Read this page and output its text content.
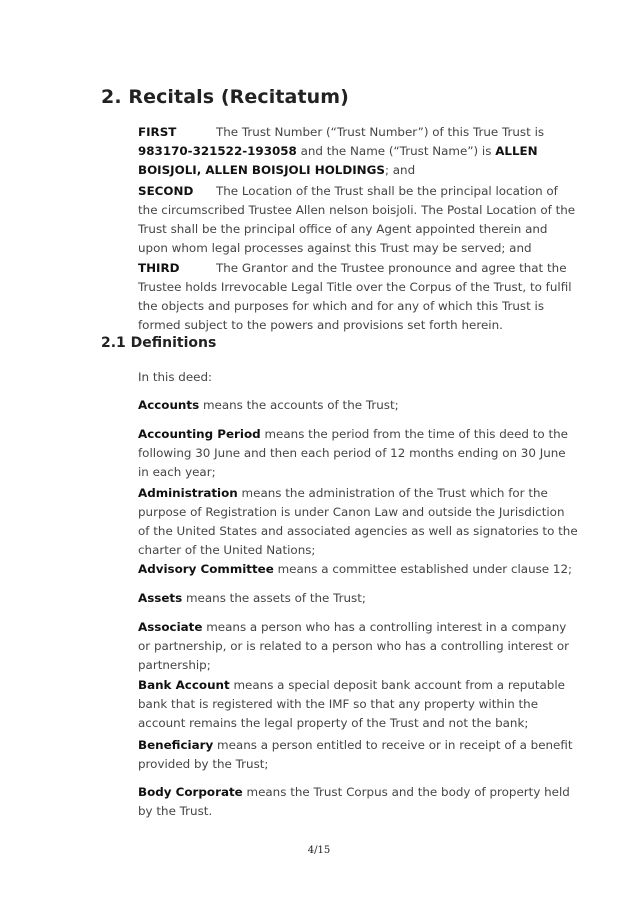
2. Recitals (Recitatum)
FIRST	The Trust Number (“Trust Number”) of this True Trust is 983170-321522-193058 and the Name (“Trust Name”) is ALLEN BOISJOLI, ALLEN BOISJOLI HOLDINGS; and
SECOND The Location of the Trust shall be the principal location of the circumscribed Trustee Allen nelson boisjoli. The Postal Location of the Trust shall be the principal office of any Agent appointed therein and upon whom legal processes against this Trust may be served; and
THIRD	The Grantor and the Trustee pronounce and agree that the Trustee holds Irrevocable Legal Title over the Corpus of the Trust, to fulfil the objects and purposes for which and for any of which this Trust is formed subject to the powers and provisions set forth herein.
2.1 Definitions
In this deed:
Accounts means the accounts of the Trust;
Accounting Period means the period from the time of this deed to the following 30 June and then each period of 12 months ending on 30 June in each year;
Administration means the administration of the Trust which for the purpose of Registration is under Canon Law and outside the Jurisdiction of the United States and associated agencies as well as signatories to the charter of the United Nations;
Advisory Committee means a committee established under clause 12;
Assets means the assets of the Trust;
Associate means a person who has a controlling interest in a company or partnership, or is related to a person who has a controlling interest or partnership;
Bank Account means a special deposit bank account from a reputable bank that is registered with the IMF so that any property within the account remains the legal property of the Trust and not the bank;
Beneficiary means a person entitled to receive or in receipt of a benefit provided by the Trust;
Body Corporate means the Trust Corpus and the body of property held by the Trust.
4/15
